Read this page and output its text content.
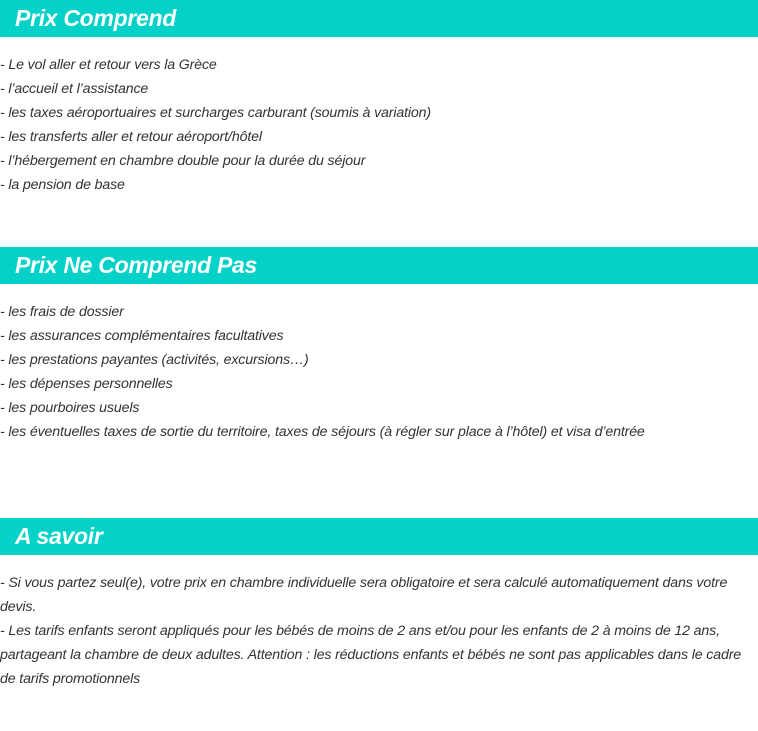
Prix Comprend
- Le vol aller et retour vers la Grèce
- l’accueil et l’assistance
- les taxes aéroportuaires et surcharges carburant (soumis à variation)
- les transferts aller et retour aéroport/hôtel
- l’hébergement en chambre double pour la durée du séjour
- la pension de base
Prix Ne Comprend Pas
- les frais de dossier
- les assurances complémentaires facultatives
- les prestations payantes (activités, excursions…)
- les dépenses personnelles
- les pourboires usuels
- les éventuelles taxes de sortie du territoire, taxes de séjours (à régler sur place à l’hôtel) et visa d’entrée
A savoir
- Si vous partez seul(e), votre prix en chambre individuelle sera obligatoire et sera calculé automatiquement dans votre devis.
- Les tarifs enfants seront appliqués pour les bébés de moins de 2 ans et/ou pour les enfants de 2 à moins de 12 ans, partageant la chambre de deux adultes. Attention : les réductions enfants et bébés ne sont pas applicables dans le cadre de tarifs promotionnels
